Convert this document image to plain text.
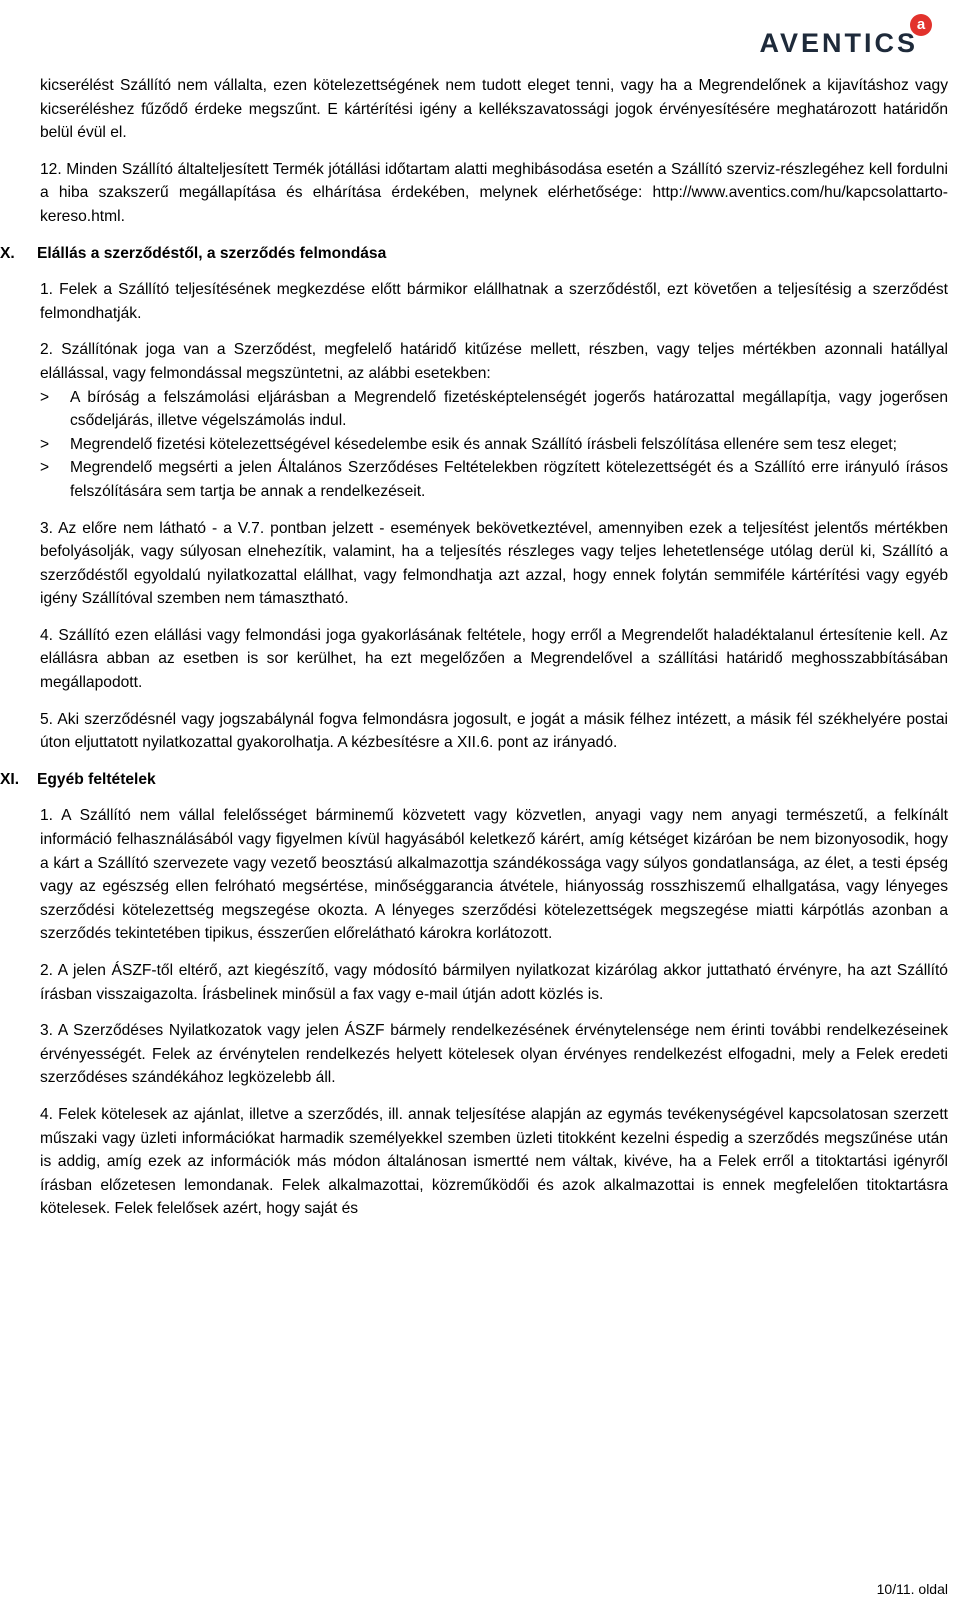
a
AVENTICS

kicserélést Szállító nem vállalta, ezen kötelezettségének nem tudott eleget tenni, vagy ha a Megrendelőnek a kijavításhoz vagy kicseréléshez fűződő érdeke megszűnt. E kártérítési igény a kellékszavatossági jogok érvényesítésére meghatározott határidőn belül évül el.

12. Minden Szállító általteljesített Termék jótállási időtartam alatti meghibásodása esetén a Szállító szerviz-részlegéhez kell fordulni a hiba szakszerű megállapítása és elhárítása érdekében, melynek elérhetősége: http://www.aventics.com/hu/kapcsolattarto-kereso.html.

X.	Elállás a szerződéstől, a szerződés felmondása

1. Felek a Szállító teljesítésének megkezdése előtt bármikor elállhatnak a szerződéstől, ezt követően a teljesítésig a szerződést felmondhatják.

2. Szállítónak joga van a Szerződést, megfelelő határidő kitűzése mellett, részben, vagy teljes mértékben azonnali hatállyal elállással, vagy felmondással megszüntetni, az alábbi esetekben:

>	A bíróság a felszámolási eljárásban a Megrendelő fizetésképtelenségét jogerős határozattal megállapítja, vagy jogerősen csődeljárás, illetve végelszámolás indul.
>	Megrendelő fizetési kötelezettségével késedelembe esik és annak Szállító írásbeli felszólítása ellenére sem tesz eleget;
>	Megrendelő megsérti a jelen Általános Szerződéses Feltételekben rögzített kötelezettségét és a Szállító erre irányuló írásos felszólítására sem tartja be annak a rendelkezéseit.

3. Az előre nem látható - a V.7. pontban jelzett - események bekövetkeztével, amennyiben ezek a teljesítést jelentős mértékben befolyásolják, vagy súlyosan elnehezítik, valamint, ha a teljesítés részleges vagy teljes lehetetlensége utólag derül ki, Szállító a szerződéstől egyoldalú nyilatkozattal elállhat, vagy felmondhatja azt azzal, hogy ennek folytán semmiféle kártérítési vagy egyéb igény Szállítóval szemben nem támasztható.

4. Szállító ezen elállási vagy felmondási joga gyakorlásának feltétele, hogy erről a Megrendelőt haladéktalanul értesítenie kell. Az elállásra abban az esetben is sor kerülhet, ha ezt megelőzően a Megrendelővel a szállítási határidő meghosszabbításában megállapodott.

5. Aki szerződésnél vagy jogszabálynál fogva felmondásra jogosult, e jogát a másik félhez intézett, a másik fél székhelyére postai úton eljuttatott nyilatkozattal gyakorolhatja. A kézbesítésre a XII.6. pont az irányadó.

XI.	Egyéb feltételek

1. A Szállító nem vállal felelősséget bárminemű közvetett vagy közvetlen, anyagi vagy nem anyagi természetű, a felkínált információ felhasználásából vagy figyelmen kívül hagyásából keletkező kárért, amíg kétséget kizáróan be nem bizonyosodik, hogy a kárt a Szállító szervezete vagy vezető beosztású alkalmazottja szándékossága vagy súlyos gondatlansága, az élet, a testi épség vagy az egészség ellen felróható megsértése, minőséggarancia átvétele, hiányosság rosszhiszemű elhallgatása, vagy lényeges szerződési kötelezettség megszegése okozta. A lényeges szerződési kötelezettségek megszegése miatti kárpótlás azonban a szerződés tekintetében tipikus, ésszerűen előrelátható károkra korlátozott.

2. A jelen ÁSZF-től eltérő, azt kiegészítő, vagy módosító bármilyen nyilatkozat kizárólag akkor juttatható érvényre, ha azt Szállító írásban visszaigazolta. Írásbelinek minősül a fax vagy e-mail útján adott közlés is.

3. A Szerződéses Nyilatkozatok vagy jelen ÁSZF bármely rendelkezésének érvénytelensége nem érinti további rendelkezéseinek érvényességét. Felek az érvénytelen rendelkezés helyett kötelesek olyan érvényes rendelkezést elfogadni, mely a Felek eredeti szerződéses szándékához legközelebb áll.

4. Felek kötelesek az ajánlat, illetve a szerződés, ill. annak teljesítése alapján az egymás tevékenységével kapcsolatosan szerzett műszaki vagy üzleti információkat harmadik személyekkel szemben üzleti titokként kezelni éspedig a szerződés megszűnése után is addig, amíg ezek az információk más módon általánosan ismertté nem váltak, kivéve, ha a Felek erről a titoktartási igényről írásban előzetesen lemondanak. Felek alkalmazottai, közreműködői és azok alkalmazottai is ennek megfelelően titoktartásra kötelesek. Felek felelősek azért, hogy saját és

10/11. oldal
